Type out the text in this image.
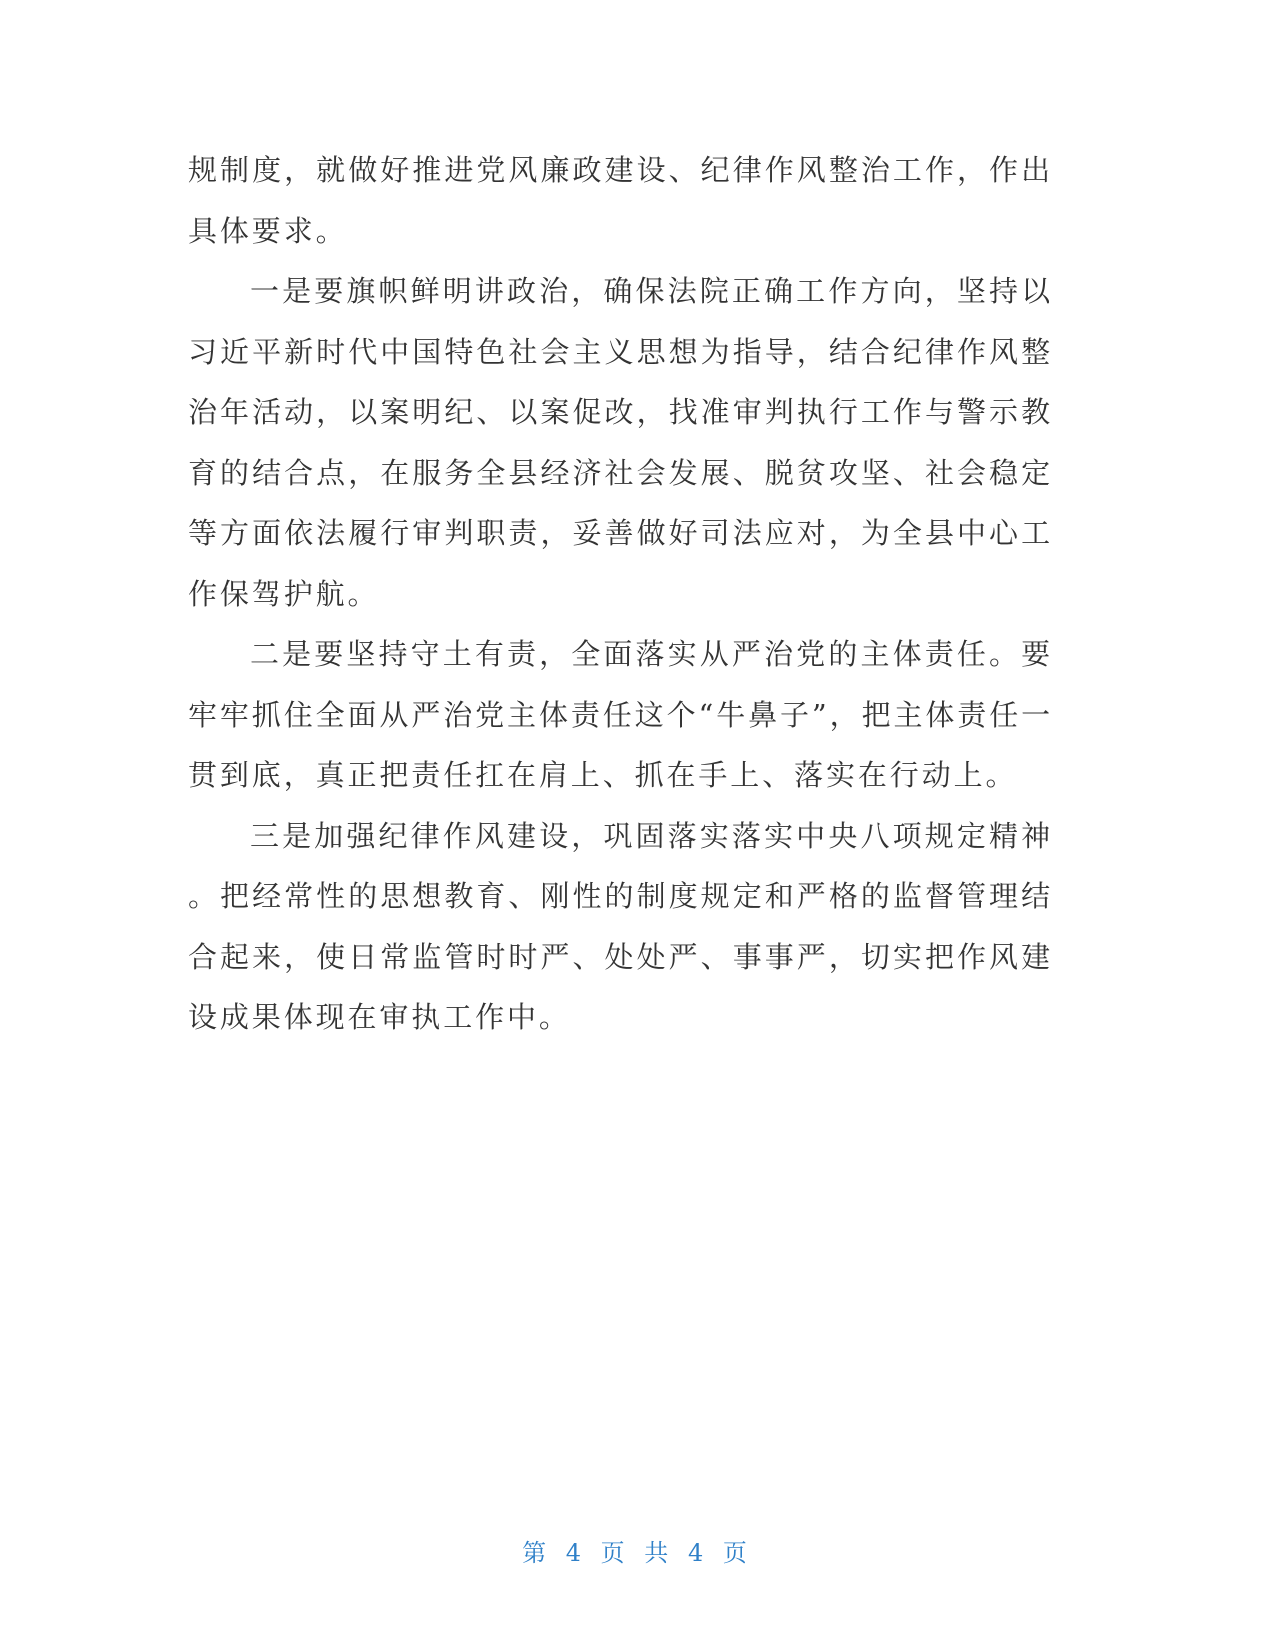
规制度，就做好推进党风廉政建设、纪律作风整治工作，作出具体要求。

一是要旗帜鲜明讲政治，确保法院正确工作方向，坚持以习近平新时代中国特色社会主义思想为指导，结合纪律作风整治年活动，以案明纪、以案促改，找准审判执行工作与警示教育的结合点，在服务全县经济社会发展、脱贫攻坚、社会稳定等方面依法履行审判职责，妥善做好司法应对，为全县中心工作保驾护航。

二是要坚持守土有责，全面落实从严治党的主体责任。要牢牢抓住全面从严治党主体责任这个“牛鼻子”，把主体责任一贯到底，真正把责任扛在肩上、抓在手上、落实在行动上。

三是加强纪律作风建设，巩固落实落实中央八项规定精神。把经常性的思想教育、刚性的制度规定和严格的监督管理结合起来，使日常监管时时严、处处严、事事严，切实把作风建设成果体现在审执工作中。

第 4 页 共 4 页
